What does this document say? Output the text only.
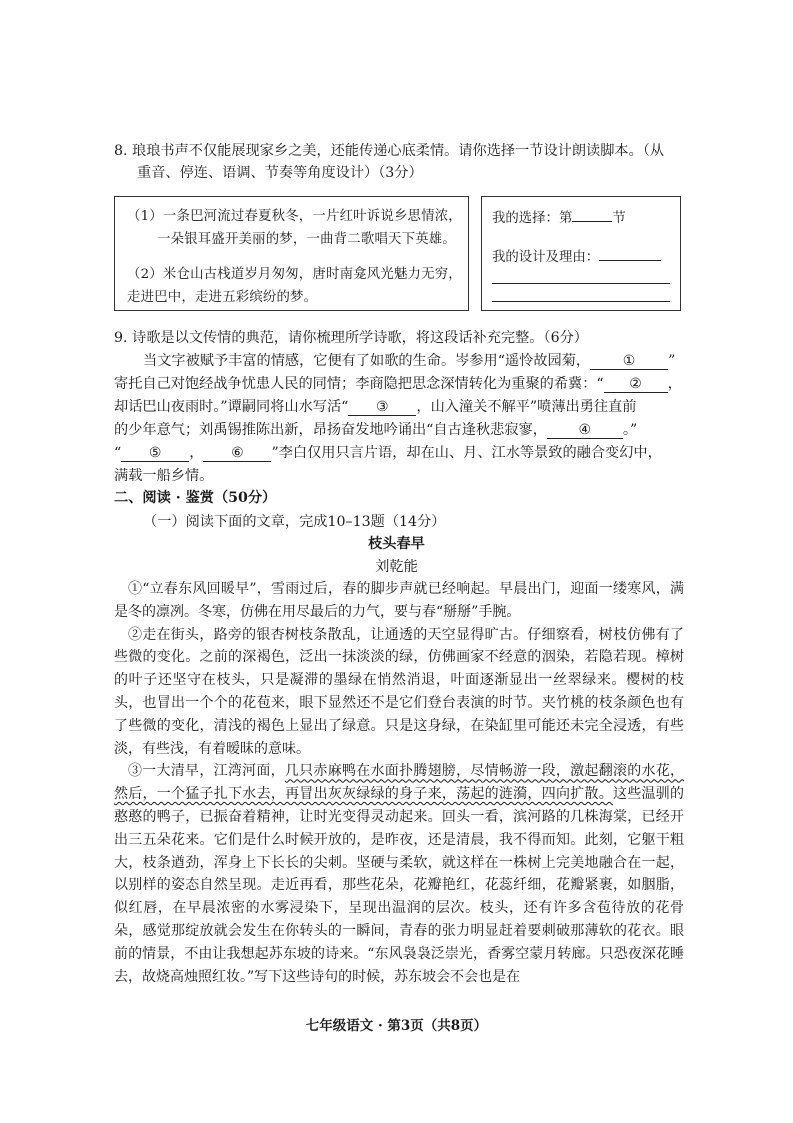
8. 琅琅书声不仅能展现家乡之美，还能传递心底柔情。请你选择一节设计朗读脚本。（从
重音、停连、语调、节奏等角度设计）（3分）
（1）一条巴河流过春夏秋冬，一片红叶诉说乡思情浓，
一朵银耳盛开美丽的梦，一曲背二歌唱天下英雄。
（2）米仓山古栈道岁月匆匆，唐时南龛风光魅力无穷，
走进巴中，走进五彩缤纷的梦。
我的选择：第	节
我的设计及理由：
9. 诗歌是以文传情的典范，请你梳理所学诗歌，将这段话补充完整。（6分）
当文字被赋予丰富的情感，它便有了如歌的生命。岑参用“遥怜故园菊， ① ”
寄托自己对饱经战争忧患人民的同情；李商隐把思念深情转化为重聚的希冀：“ ② ，
却话巴山夜雨时。”谭嗣同将山水写活“ ③ ，山入潼关不解平”喷薄出勇往直前
的少年意气；刘禹锡推陈出新，昂扬奋发地吟诵出“自古逢秋悲寂寥， ④ 。”
“ ⑤ ， ⑥ ”李白仅用只言片语，却在山、月、江水等景致的融合变幻中，
满载一船乡情。
二、阅读 · 鉴赏（50分）
（一）阅读下面的文章，完成10–13题（14分）
枝头春早
刘乾能

①“立春东风回暖早”，雪雨过后，春的脚步声就已经响起。早晨出门，迎面一缕寒风，满是冬的凛冽。冬寒，仿佛在用尽最后的力气，要与春“掰掰”手腕。

②走在街头，路旁的银杏树枝条散乱，让通透的天空显得旷古。仔细察看，树枝仿佛有了些微的变化。之前的深褐色，泛出一抹淡淡的绿，仿佛画家不经意的洇染，若隐若现。樟树的叶子还坚守在枝头，只是凝滞的墨绿在悄然消退，叶面逐渐显出一丝翠绿来。樱树的枝头，也冒出一个个的花苞来，眼下显然还不是它们登台表演的时节。夹竹桃的枝条颜色也有了些微的变化，清浅的褐色上显出了绿意。只是这身绿，在染缸里可能还未完全浸透，有些淡，有些浅，有着暧昧的意味。

③一大清早，江湾河面，几只赤麻鸭在水面扑腾翅膀，尽情畅游一段，激起翻滚的水花，然后，一个猛子扎下水去，再冒出灰灰绿绿的身子来，荡起的涟漪，四向扩散。这些温驯的憨憨的鸭子，已振奋着精神，让时光变得灵动起来。回头一看，滨河路的几株海棠，已经开出三五朵花来。它们是什么时候开放的，是昨夜，还是清晨，我不得而知。此刻，它躯干粗大，枝条遒劲，浑身上下长长的尖刺。坚硬与柔软，就这样在一株树上完美地融合在一起，以别样的姿态自然呈现。走近再看，那些花朵，花瓣艳红，花蕊纤细，花瓣紧裹，如胭脂，似红唇，在早晨浓密的水雾浸染下，呈现出温润的层次。枝头，还有许多含苞待放的花骨朵，感觉那绽放就会发生在你转头的一瞬间，青春的张力明显赶着要刺破那薄软的花衣。眼前的情景，不由让我想起苏东坡的诗来。“东风袅袅泛崇光，香雾空蒙月转廊。只恐夜深花睡去，故烧高烛照红妆。”写下这些诗句的时候，苏东坡会不会也是在

七年级语文 · 第3页（共8页）
